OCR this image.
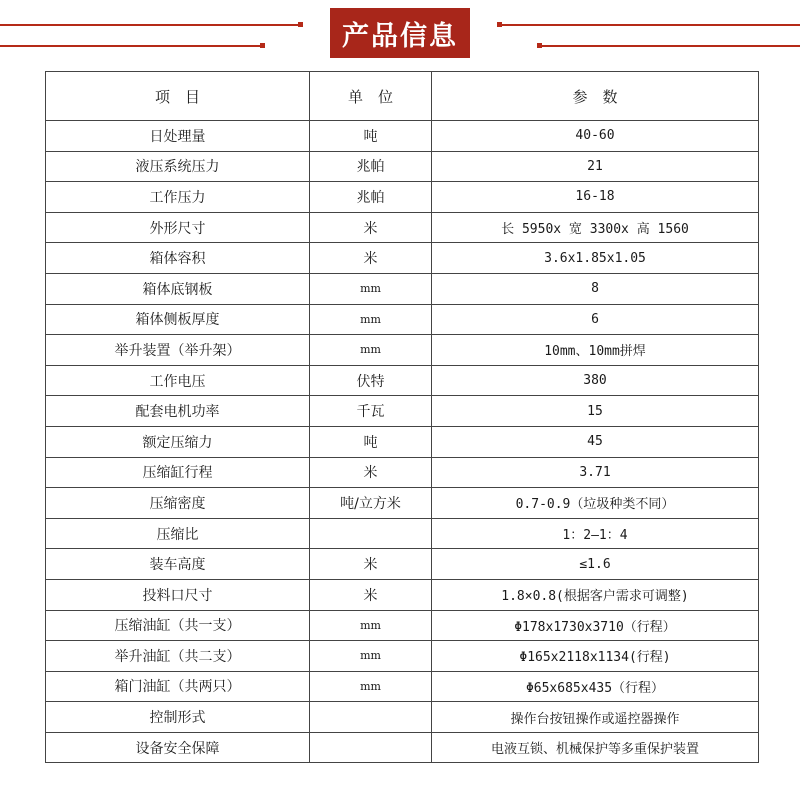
产品信息
项　目	单　位	参　数
日处理量	吨	40-60
液压系统压力	兆帕	21
工作压力	兆帕	16-18
外形尺寸	米	长 5950x 宽 3300x 高 1560
箱体容积	米	3.6x1.85x1.05
箱体底钢板	mm	8
箱体侧板厚度	mm	6
举升装置（举升架）	mm	10mm、10mm拼焊
工作电压	伏特	380
配套电机功率	千瓦	15
额定压缩力	吨	45
压缩缸行程	米	3.71
压缩密度	吨/立方米	0.7-0.9（垃圾种类不同）
压缩比		1：2—1：4
装车高度	米	≤1.6
投料口尺寸	米	1.8×0.8(根据客户需求可调整)
压缩油缸（共一支）	mm	Φ178x1730x3710（行程）
举升油缸（共二支）	mm	Φ165x2118x1134(行程)
箱门油缸（共两只）	mm	Φ65x685x435（行程）
控制形式		操作台按钮操作或遥控器操作
设备安全保障		电液互锁、机械保护等多重保护装置
